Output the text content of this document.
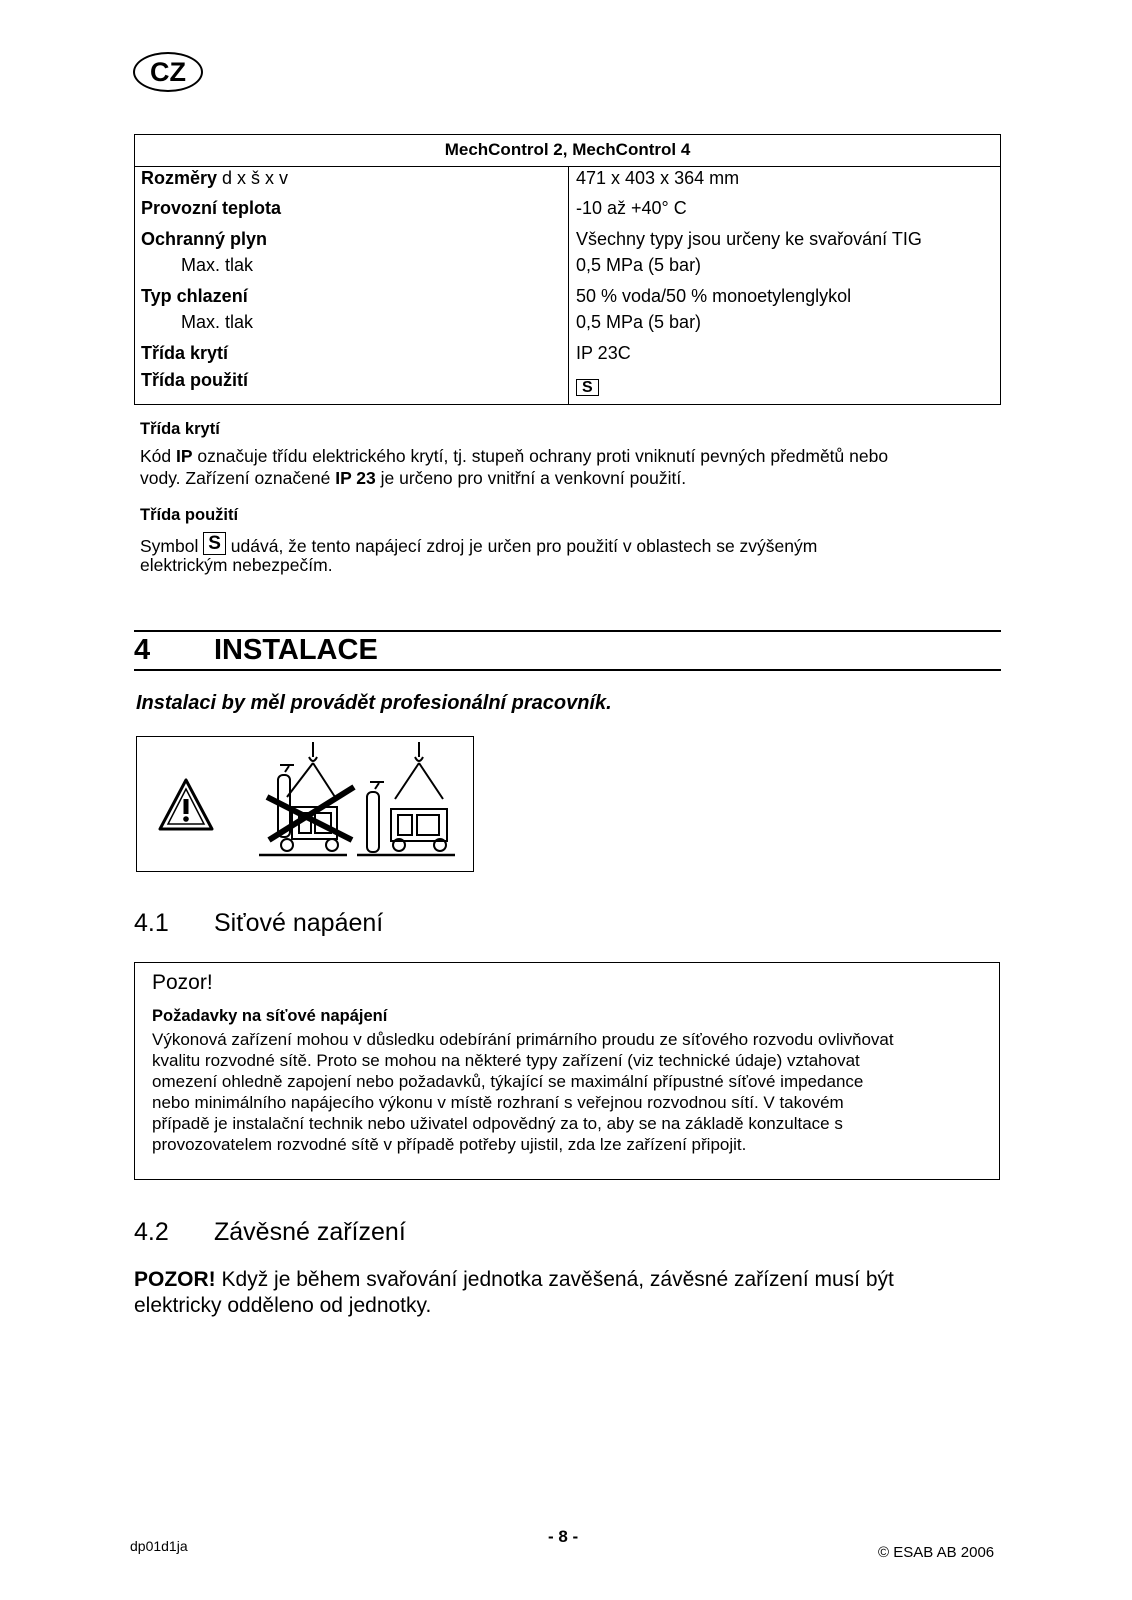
CZ
MechControl 2, MechControl 4
Rozměry d x š x v	471 x 403 x 364 mm
Provozní teplota	-10 až +40° C
Ochranný plyn	Všechny typy jsou určeny ke svařování TIG
Max. tlak	0,5 MPa (5 bar)
Typ chlazení	50 % voda/50 % monoetylenglykol
Max. tlak	0,5 MPa (5 bar)
Třída krytí	IP 23C
Třída použití	S
Třída krytí
Kód IP označuje třídu elektrického krytí, tj. stupeň ochrany proti vniknutí pevných předmětů nebo
vody. Zařízení označené IP 23 je určeno pro vnitřní a venkovní použití.
Třída použití
Symbol S udává, že tento napájecí zdroj je určen pro použití v oblastech se zvýšeným
elektrickým nebezpečím.
4 INSTALACE
Instalaci by měl provádět profesionální pracovník.
4.1 Siťové napáení
Pozor!
Požadavky na síťové napájení
Výkonová zařízení mohou v důsledku odebírání primárního proudu ze síťového rozvodu ovlivňovat
kvalitu rozvodné sítě. Proto se mohou na některé typy zařízení (viz technické údaje) vztahovat
omezení ohledně zapojení nebo požadavků, týkající se maximální přípustné síťové impedance
nebo minimálního napájecího výkonu v místě rozhraní s veřejnou rozvodnou sítí. V takovém
případě je instalační technik nebo uživatel odpovědný za to, aby se na základě konzultace s
provozovatelem rozvodné sítě v případě potřeby ujistil, zda lze zařízení připojit.
4.2 Závěsné zařízení
POZOR! Když je během svařování jednotka zavěšená, závěsné zařízení musí být
elektricky odděleno od jednotky.
dp01d1ja	- 8 -
© ESAB AB 2006
